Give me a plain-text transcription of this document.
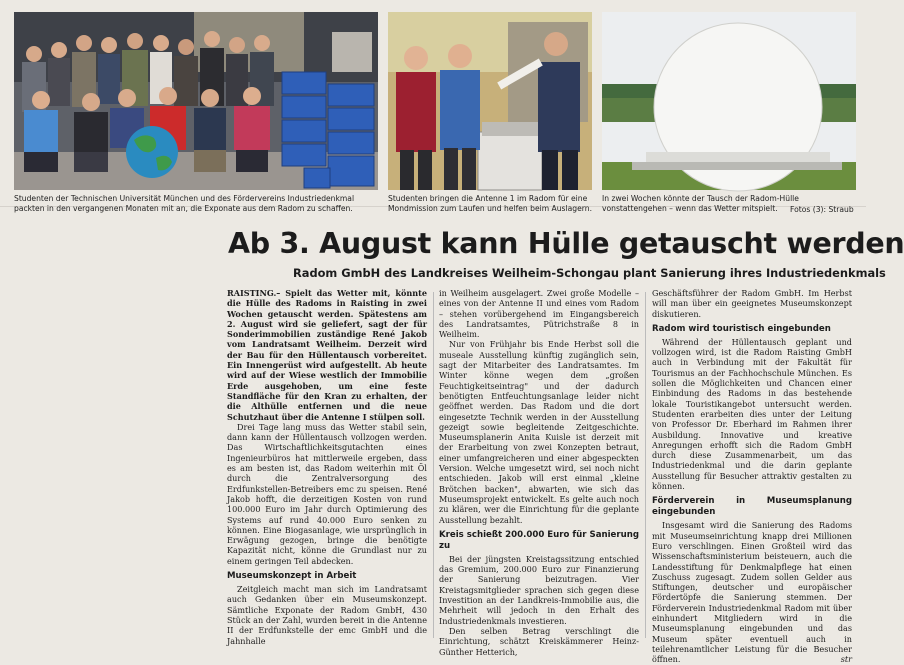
Studenten der Technischen Universität München und des Fördervereins Industriedenkmal packten in den vergangenen Monaten mit an, die Exponate aus dem Radom zu schaffen.
Studenten bringen die Antenne 1 im Radom für eine Mondmission zum Laufen und helfen beim Auslagern.
In zwei Wochen könnte der Tausch der Radom-Hülle vonstattengehen – wenn das Wetter mitspielt.	Fotos (3): Straub
Ab 3. August kann Hülle getauscht werden
Radom GmbH des Landkreises Weilheim-Schongau plant Sanierung ihres Industriedenkmals

RAISTING.– Spielt das Wetter mit, könnte die Hülle des Radoms in Raisting in zwei Wochen getauscht werden. Spätestens am 2. August wird sie geliefert, sagt der für Sonderimmobilien zuständige René Jakob vom Landratsamt Weilheim. Derzeit wird der Bau für den Hüllentausch vorbereitet. Ein Innengerüst wird aufgestellt. Ab heute wird auf der Wiese westlich der Immobilie Erde ausgehoben, um eine feste Standfläche für den Kran zu erhalten, der die Althülle entfernen und die neue Schutzhaut über die Antenne I stülpen soll.

Drei Tage lang muss das Wetter stabil sein, dann kann der Hüllentausch vollzogen werden. Das Wirtschaftlichkeitsgutachten eines Ingenieurbüros hat mittlerweile ergeben, dass es am besten ist, das Radom weiterhin mit Öl durch die Zentralversorgung des Erdfunkstellen-Betreibers emc zu speisen. René Jakob hofft, die derzeitigen Kosten von rund 100.000 Euro im Jahr durch Optimierung des Systems auf rund 40.000 Euro senken zu können. Eine Biogasanlage, wie ursprünglich in Erwägung gezogen, bringe die benötigte Kapazität nicht, könne die Grundlast nur zu einem geringen Teil abdecken.

Museumskonzept in Arbeit

Zeitgleich macht man sich im Landratsamt auch Gedanken über ein Museumskonzept. Sämtliche Exponate der Radom GmbH, 430 Stück an der Zahl, wurden bereit in die Antenne II der Erdfunkstelle der emc GmbH und die Jahnhalle

in Weilheim ausgelagert. Zwei große Modelle – eines von der Antenne II und eines vom Radom – stehen vorübergehend im Eingangsbereich des Landratsamtes, Pütrichstraße 8 in Weilheim.

Nur von Frühjahr bis Ende Herbst soll die museale Ausstellung künftig zugänglich sein, sagt der Mitarbeiter des Landratsamtes. Im Winter könne wegen dem „großen Feuchtigkeitseintrag" und der dadurch benötigten Entfeuchtungsanlage leider nicht geöffnet werden. Das Radom und die dort eingesetzte Technik werden in der Ausstellung gezeigt sowie begleitende Zeitgeschichte. Museumsplanerin Anita Kuisle ist derzeit mit der Erarbeitung von zwei Konzepten betraut, einer umfangreicheren und einer abgespeckten Version. Welche umgesetzt wird, sei noch nicht entschieden. Jakob will erst einmal „kleine Brötchen backen", abwarten, wie sich das Museumsprojekt entwickelt. Es gelte auch noch zu klären, wer die Einrichtung für die geplante Ausstellung bezahlt.

Kreis schießt 200.000 Euro für Sanierung zu

Bei der jüngsten Kreistagssitzung entschied das Gremium, 200.000 Euro zur Finanzierung der Sanierung beizutragen. Vier Kreistagsmitglieder sprachen sich gegen diese Investition an der Landkreis-Immobilie aus, die Mehrheit will jedoch in den Erhalt des Industriedenkmals investieren.

Den selben Betrag verschlingt die Einrichtung, schätzt Kreiskämmerer Heinz-Günther Hetterich,

Geschäftsführer der Radom GmbH. Im Herbst will man über ein geeignetes Museumskonzept diskutieren.

Radom wird touristisch eingebunden

Während der Hüllentausch geplant und vollzogen wird, ist die Radom Raisting GmbH auch in Verbindung mit der Fakultät für Tourismus an der Fachhochschule München. Es sollen die Möglichkeiten und Chancen einer Einbindung des Radoms in das bestehende lokale Touristikangebot untersucht werden. Studenten erarbeiten dies unter der Leitung von Professor Dr. Eberhard im Rahmen ihrer Ausbildung. Innovative und kreative Anregungen erhofft sich die Radom GmbH durch diese Zusammenarbeit, um das Industriedenkmal und die darin geplante Ausstellung für Besucher attraktiv gestalten zu können.

Förderverein in Museumsplanung eingebunden

Insgesamt wird die Sanierung des Radoms mit Museumseinrichtung knapp drei Millionen Euro verschlingen. Einen Großteil wird das Wissenschaftsministerium beisteuern, auch die Landesstiftung für Denkmalpflege hat einen Zuschuss zugesagt. Zudem sollen Gelder aus Stiftungen, deutscher und europäischer Fördertöpfe die Sanierung stemmen. Der Förderverein Industriedenkmal Radom mit über einhundert Mitgliedern wird in die Museumsplanung eingebunden und das Museum später eventuell auch in teilehrenamtlicher Leistung für die Besucher öffnen.	str
